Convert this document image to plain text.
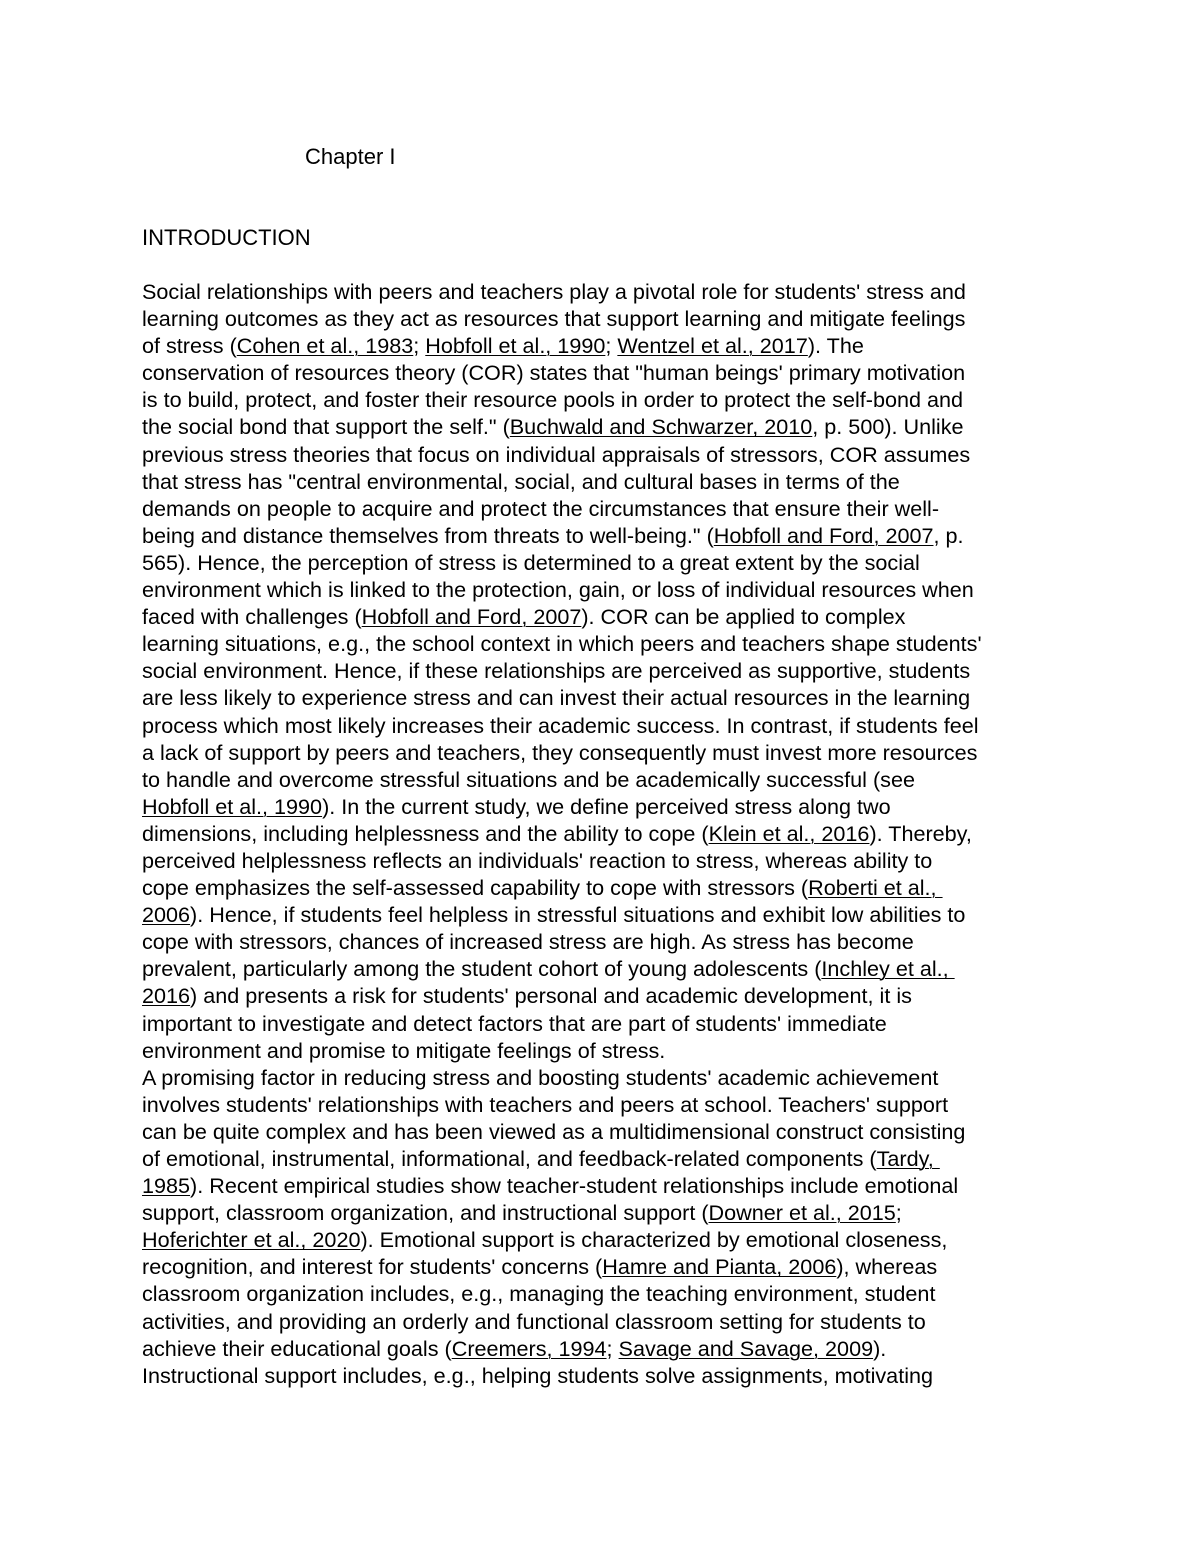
Chapter I
INTRODUCTION
Social relationships with peers and teachers play a pivotal role for students' stress and
learning outcomes as they act as resources that support learning and mitigate feelings
of stress (Cohen et al., 1983; Hobfoll et al., 1990; Wentzel et al., 2017). The
conservation of resources theory (COR) states that "human beings' primary motivation
is to build, protect, and foster their resource pools in order to protect the self-bond and
the social bond that support the self." (Buchwald and Schwarzer, 2010, p. 500). Unlike
previous stress theories that focus on individual appraisals of stressors, COR assumes
that stress has "central environmental, social, and cultural bases in terms of the
demands on people to acquire and protect the circumstances that ensure their well-
being and distance themselves from threats to well-being." (Hobfoll and Ford, 2007, p.
565). Hence, the perception of stress is determined to a great extent by the social
environment which is linked to the protection, gain, or loss of individual resources when
faced with challenges (Hobfoll and Ford, 2007). COR can be applied to complex
learning situations, e.g., the school context in which peers and teachers shape students'
social environment. Hence, if these relationships are perceived as supportive, students
are less likely to experience stress and can invest their actual resources in the learning
process which most likely increases their academic success. In contrast, if students feel
a lack of support by peers and teachers, they consequently must invest more resources
to handle and overcome stressful situations and be academically successful (see
Hobfoll et al., 1990). In the current study, we define perceived stress along two
dimensions, including helplessness and the ability to cope (Klein et al., 2016). Thereby,
perceived helplessness reflects an individuals' reaction to stress, whereas ability to
cope emphasizes the self-assessed capability to cope with stressors (Roberti et al.,
2006). Hence, if students feel helpless in stressful situations and exhibit low abilities to
cope with stressors, chances of increased stress are high. As stress has become
prevalent, particularly among the student cohort of young adolescents (Inchley et al.,
2016) and presents a risk for students' personal and academic development, it is
important to investigate and detect factors that are part of students' immediate
environment and promise to mitigate feelings of stress.
A promising factor in reducing stress and boosting students' academic achievement
involves students' relationships with teachers and peers at school. Teachers' support
can be quite complex and has been viewed as a multidimensional construct consisting
of emotional, instrumental, informational, and feedback-related components (Tardy,
1985). Recent empirical studies show teacher-student relationships include emotional
support, classroom organization, and instructional support (Downer et al., 2015;
Hoferichter et al., 2020). Emotional support is characterized by emotional closeness,
recognition, and interest for students' concerns (Hamre and Pianta, 2006), whereas
classroom organization includes, e.g., managing the teaching environment, student
activities, and providing an orderly and functional classroom setting for students to
achieve their educational goals (Creemers, 1994; Savage and Savage, 2009).
Instructional support includes, e.g., helping students solve assignments, motivating
